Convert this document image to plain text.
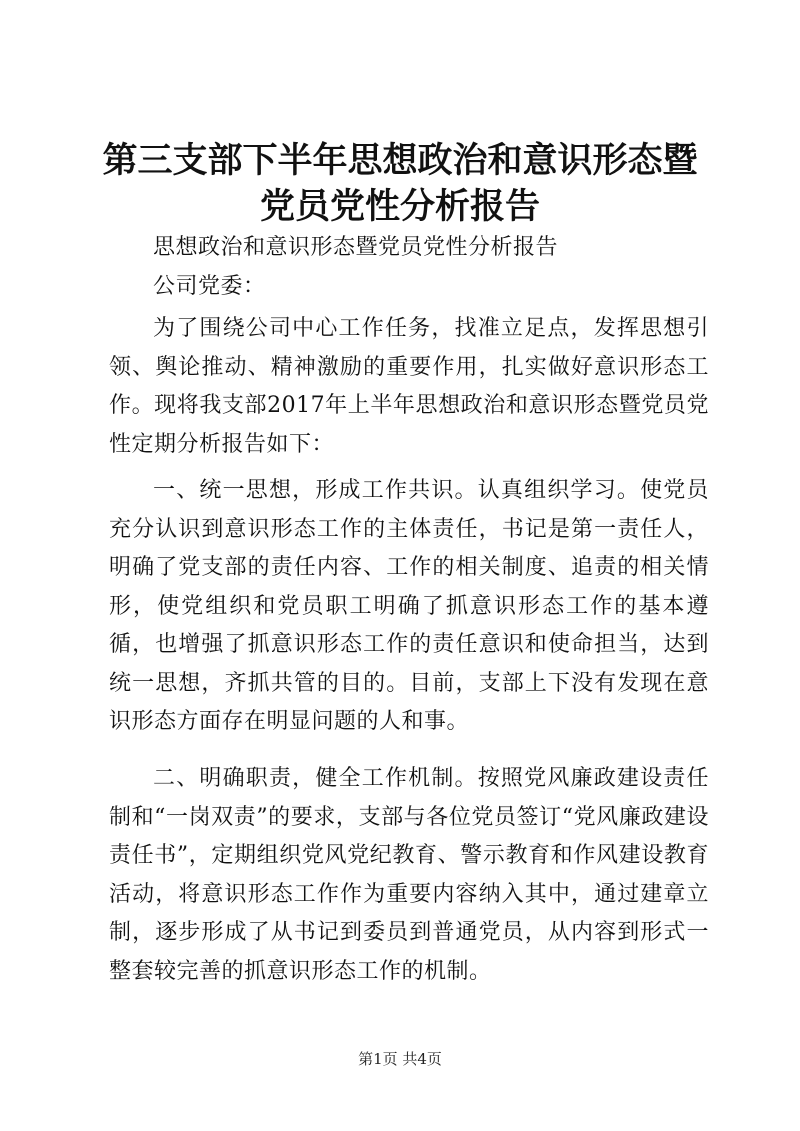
第三支部下半年思想政治和意识形态暨党员党性分析报告
思想政治和意识形态暨党员党性分析报告
公司党委：
为了围绕公司中心工作任务，找准立足点，发挥思想引领、舆论推动、精神激励的重要作用，扎实做好意识形态工作。现将我支部2017年上半年思想政治和意识形态暨党员党性定期分析报告如下：
一、统一思想，形成工作共识。认真组织学习。使党员充分认识到意识形态工作的主体责任，书记是第一责任人，明确了党支部的责任内容、工作的相关制度、追责的相关情形，使党组织和党员职工明确了抓意识形态工作的基本遵循，也增强了抓意识形态工作的责任意识和使命担当，达到统一思想，齐抓共管的目的。目前，支部上下没有发现在意识形态方面存在明显问题的人和事。
二、明确职责，健全工作机制。按照党风廉政建设责任制和“一岗双责”的要求，支部与各位党员签订“党风廉政建设责任书”，定期组织党风党纪教育、警示教育和作风建设教育活动，将意识形态工作作为重要内容纳入其中，通过建章立制，逐步形成了从书记到委员到普通党员，从内容到形式一整套较完善的抓意识形态工作的机制。
第1页 共4页
